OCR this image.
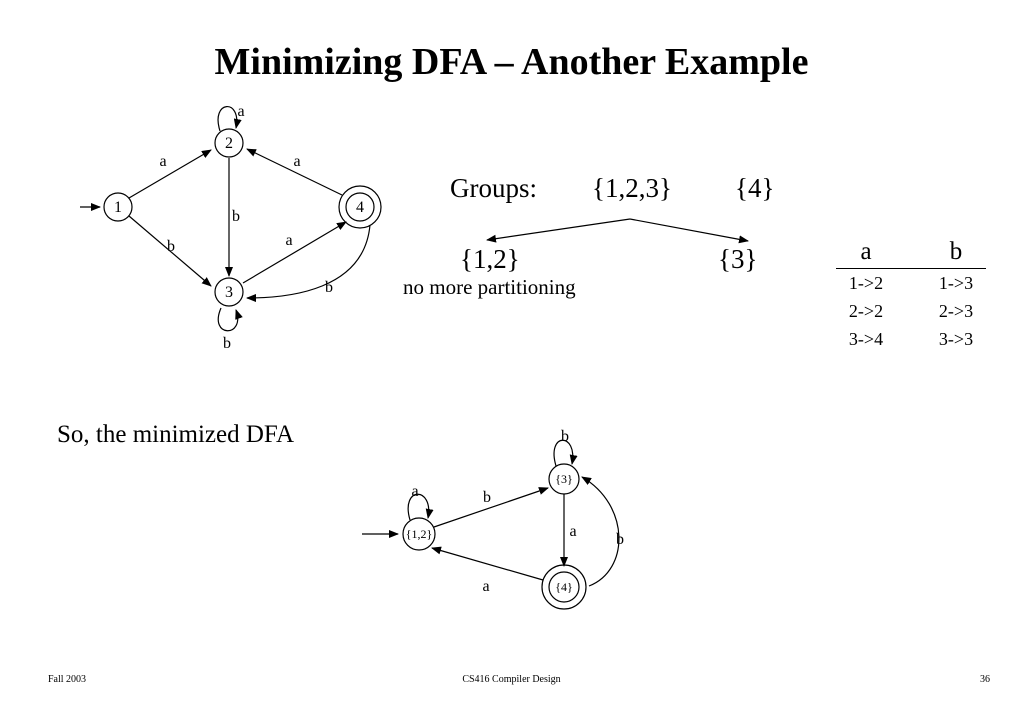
Minimizing DFA – Another Example
1
2
3
4
a
a	a
b
b	a
b
b
{1,2}
{3}
{4}
a	b
b
a
a
b
Groups: {1,2,3} {4}
{1,2}	{3}
no more partitioning
a		b
1->2		1->3
2->2		2->3
3->4		3->3
So, the minimized DFA
Fall 2003	CS416 Compiler Design	36
